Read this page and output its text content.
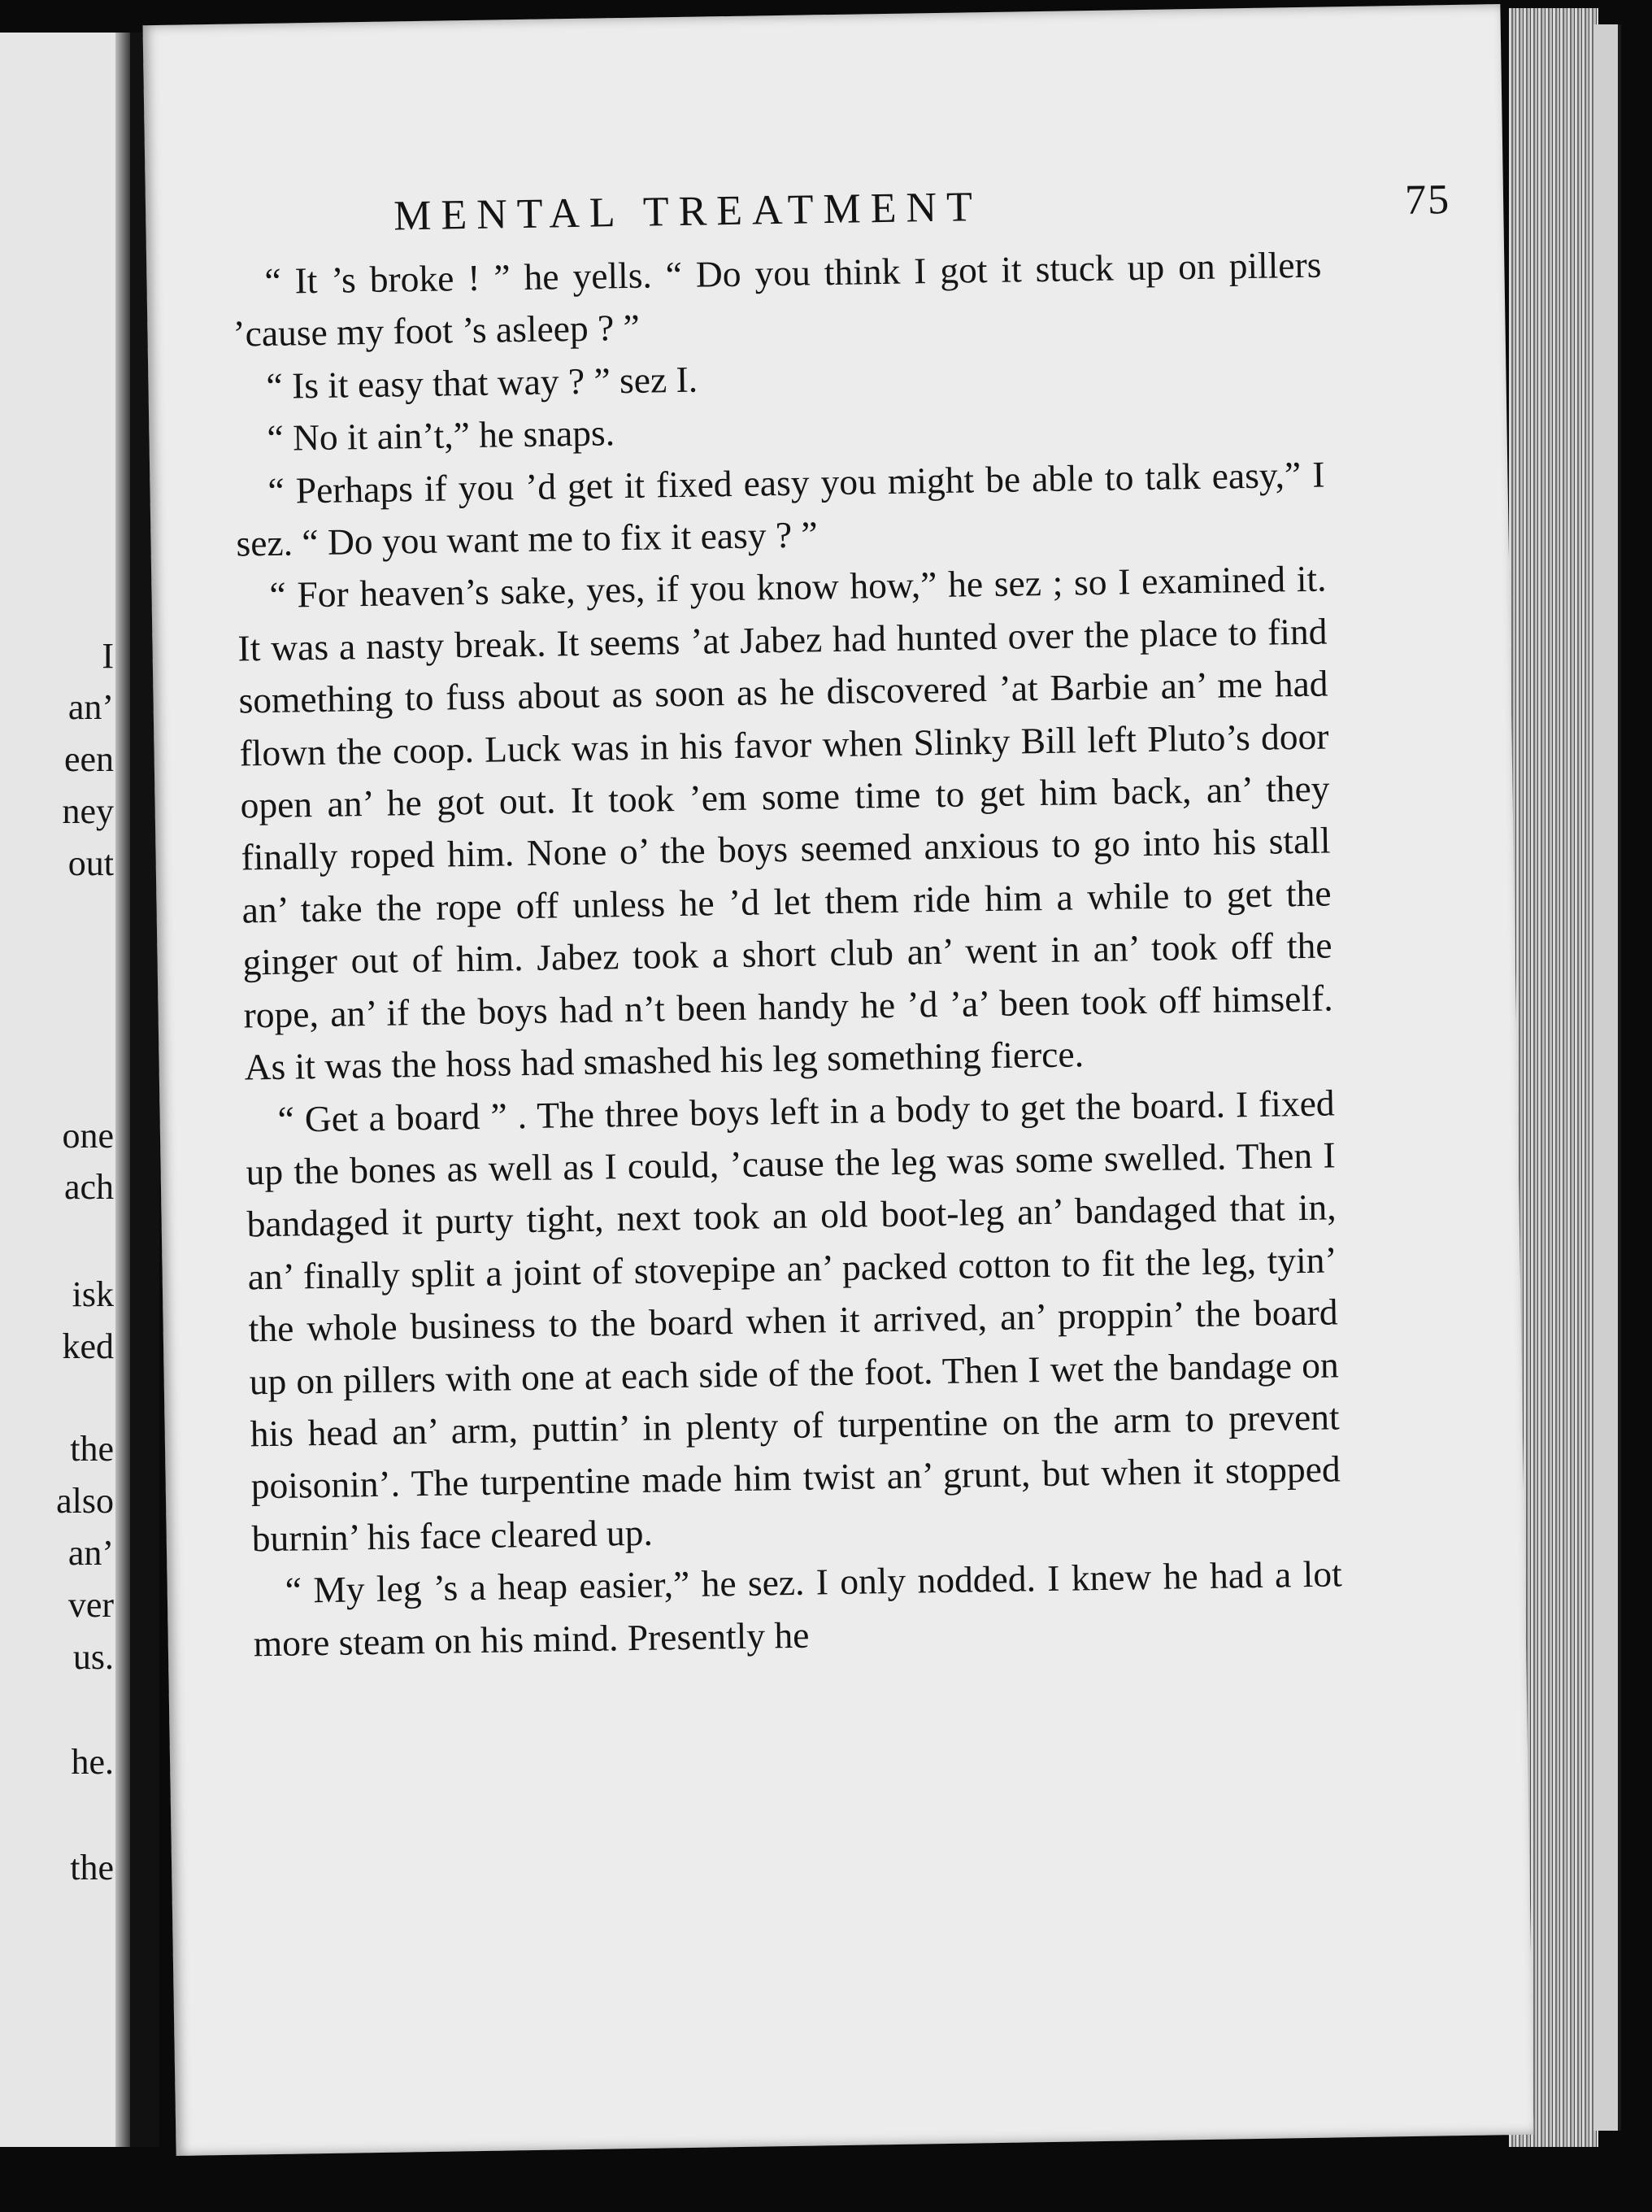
I
an’
een
ney
out
one
ach
isk
ked
the
also
an’
ver
us.
he.
the
MENTAL TREATMENT	75

“ It ’s broke ! ” he yells. “ Do you think I got it stuck up on pillers ’cause my foot ’s asleep ? ”

“ Is it easy that way ? ” sez I.

“ No it ain’t,” he snaps.

“ Perhaps if you ’d get it fixed easy you might be able to talk easy,” I sez. “ Do you want me to fix it easy ? ”

“ For heaven’s sake, yes, if you know how,” he sez ; so I examined it. It was a nasty break. It seems ’at Jabez had hunted over the place to find something to fuss about as soon as he discovered ’at Barbie an’ me had flown the coop. Luck was in his favor when Slinky Bill left Pluto’s door open an’ he got out. It took ’em some time to get him back, an’ they finally roped him. None o’ the boys seemed anxious to go into his stall an’ take the rope off unless he ’d let them ride him a while to get the ginger out of him. Jabez took a short club an’ went in an’ took off the rope, an’ if the boys had n’t been handy he ’d ’a’ been took off himself. As it was the hoss had smashed his leg something fierce.

“ Get a board ” . The three boys left in a body to get the board. I fixed up the bones as well as I could, ’cause the leg was some swelled. Then I bandaged it purty tight, next took an old boot-leg an’ bandaged that in, an’ finally split a joint of stovepipe an’ packed cotton to fit the leg, tyin’ the whole business to the board when it arrived, an’ proppin’ the board up on pillers with one at each side of the foot. Then I wet the bandage on his head an’ arm, puttin’ in plenty of turpentine on the arm to prevent poisonin’. The turpentine made him twist an’ grunt, but when it stopped burnin’ his face cleared up.

“ My leg ’s a heap easier,” he sez. I only nodded. I knew he had a lot more steam on his mind. Presently he
